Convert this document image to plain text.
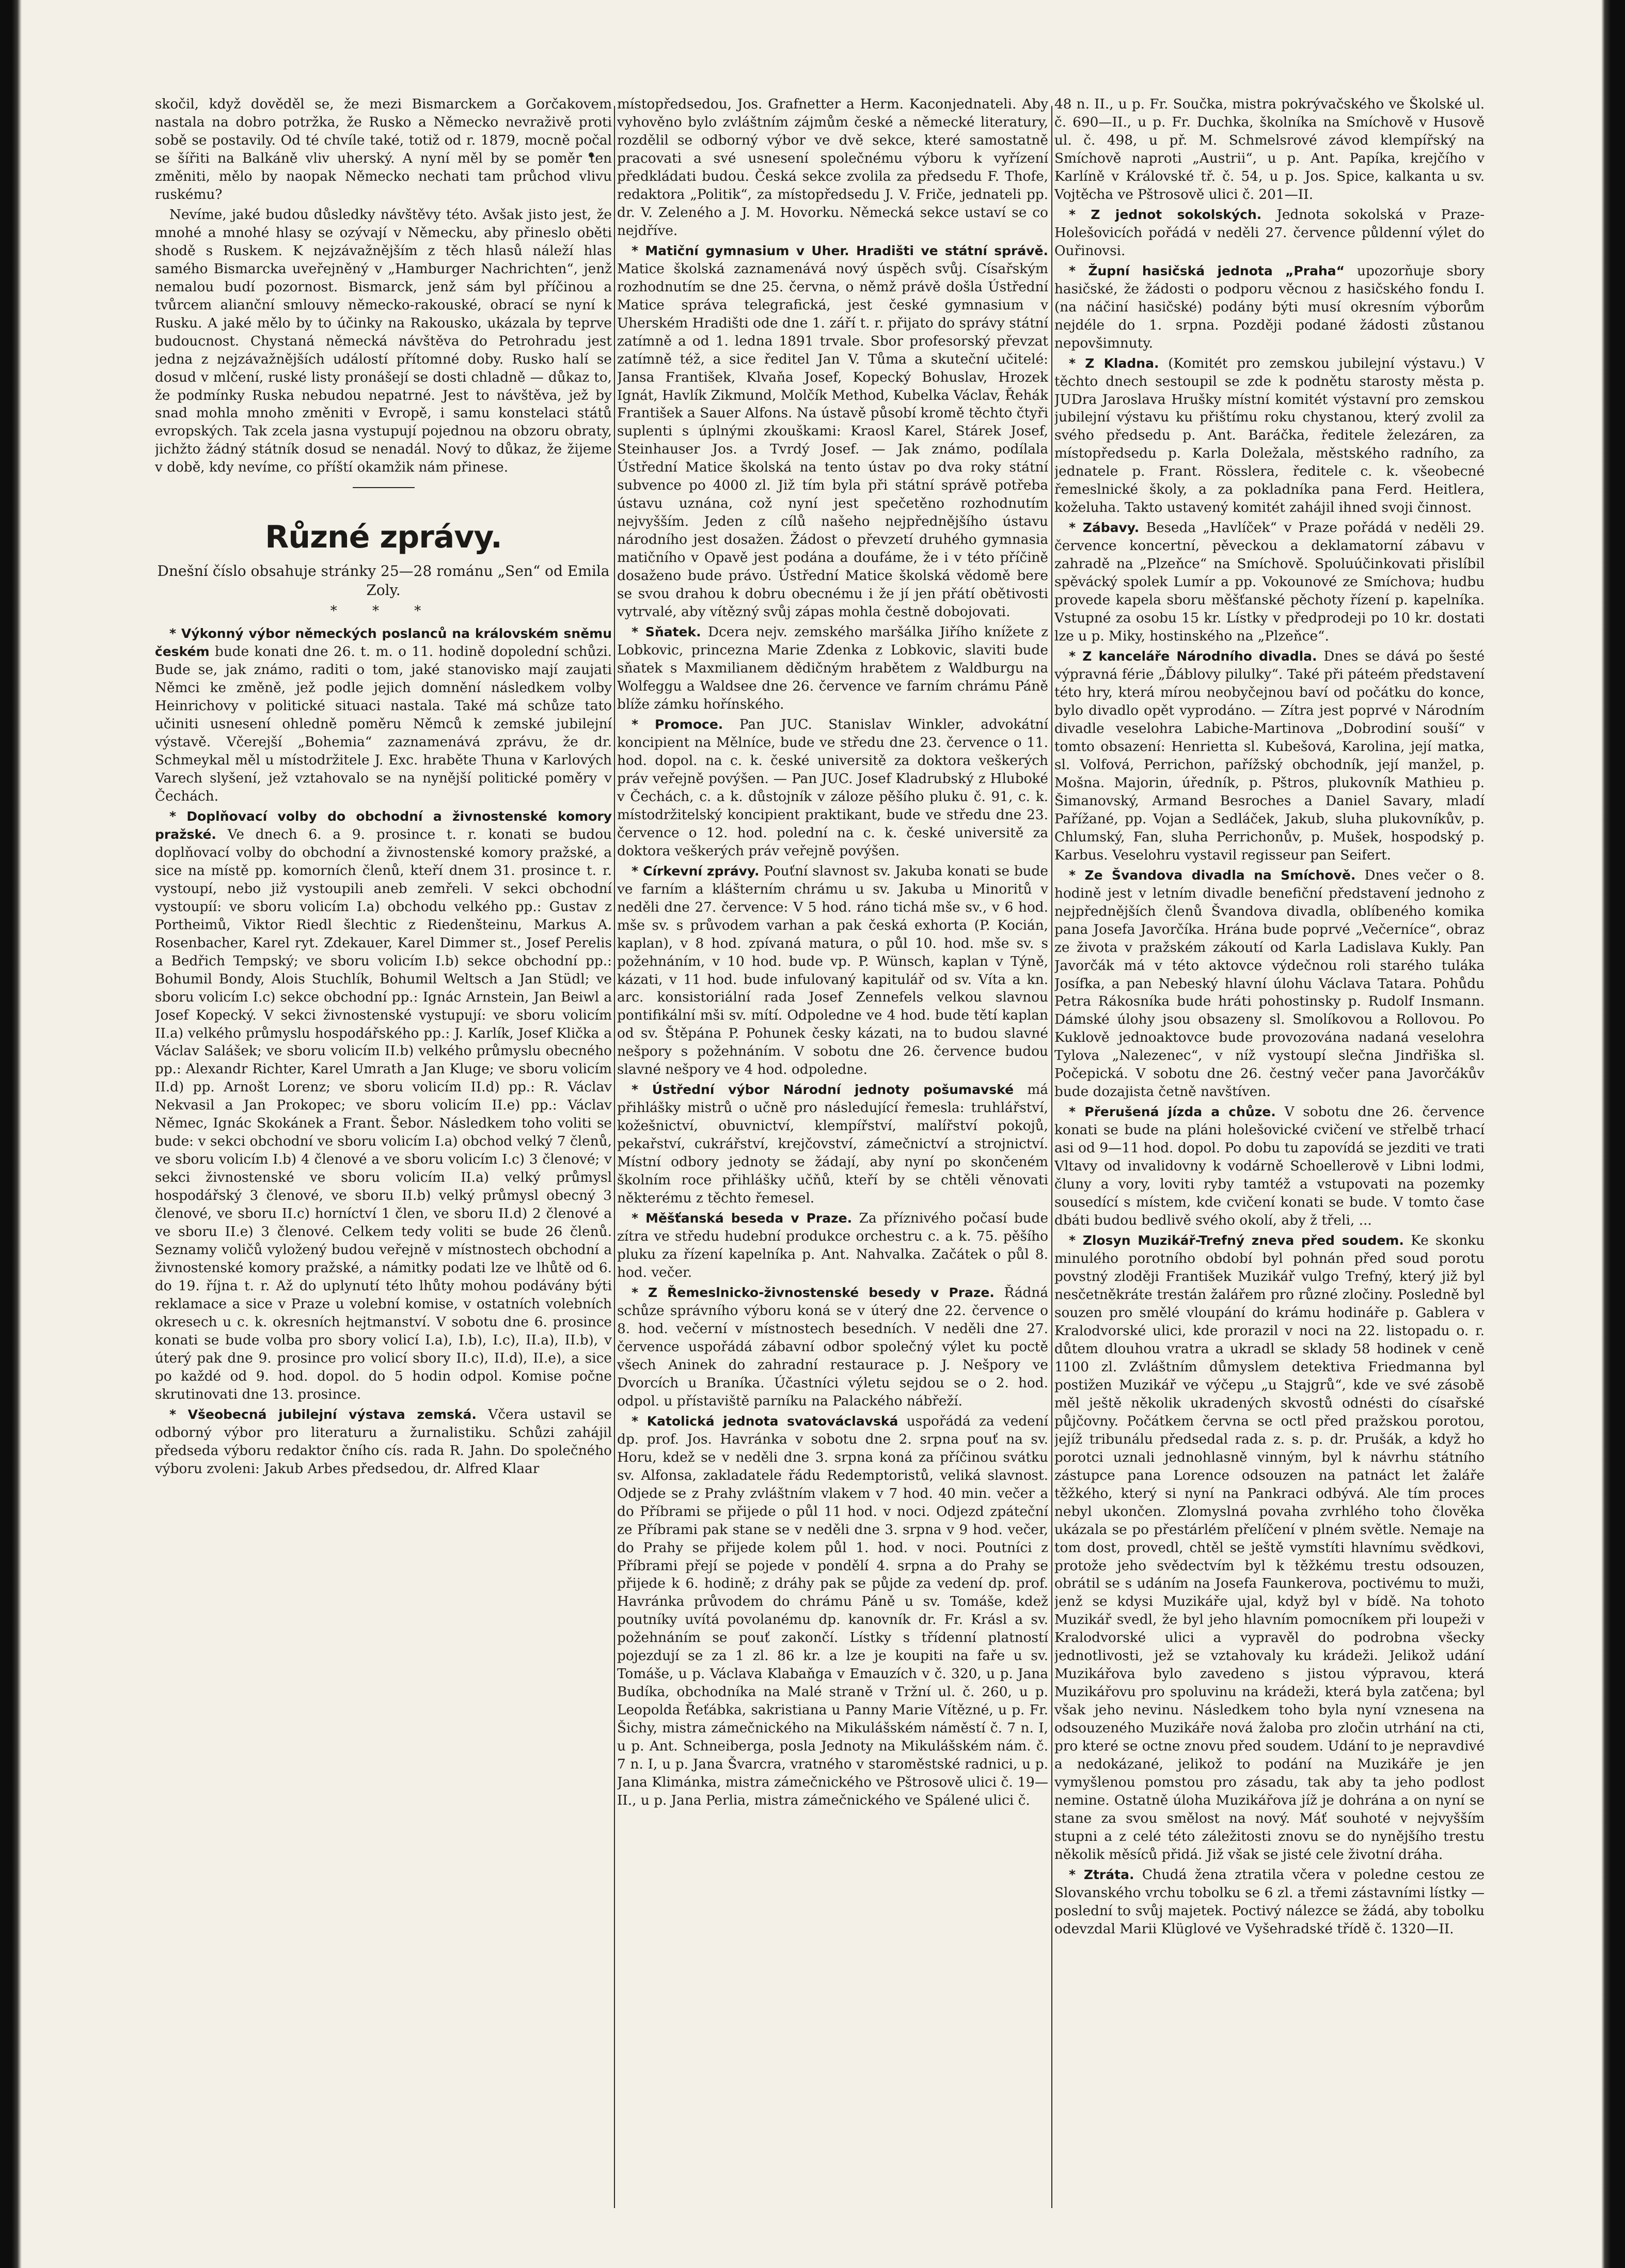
skočil, když dověděl se, že mezi Bismarckem a Gorčakovem nastala na dobro potržka, že Rusko a Německo nevraživě proti sobě se postavily. Od té chvíle také, totiž od r. 1879, mocně počal se šířiti na Balkáně vliv uherský. A nyní měl by se poměr ten změniti, mělo by naopak Německo nechati tam průchod vlivu ruskému?

Nevíme, jaké budou důsledky návštěvy této. Avšak jisto jest, že mnohé a mnohé hlasy se ozývají v Německu, aby přineslo oběti shodě s Ruskem. K nejzávažnějším z těch hlasů náleží hlas samého Bismarcka uveřejněný v „Hamburger Nachrichten“, jenž nemalou budí pozornost. Bismarck, jenž sám byl příčinou a tvůrcem alianční smlouvy německo-rakouské, obrací se nyní k Rusku. A jaké mělo by to účinky na Rakousko, ukázala by teprve budoucnost. Chystaná německá návštěva do Petrohradu jest jedna z nejzávažnějších událostí přítomné doby. Rusko halí se dosud v mlčení, ruské listy pronášejí se dosti chladně — důkaz to, že podmínky Ruska nebudou nepatrné. Jest to návštěva, jež by snad mohla mnoho změniti v Evropě, i samu konstelaci států evropských. Tak zcela jasna vystupují pojednou na obzoru obraty, jichžto žádný státník dosud se nenadál. Nový to důkaz, že žijeme v době, kdy nevíme, co příští okamžik nám přinese.

Různé zprávy.

Dnešní číslo obsahuje stránky 25—28 románu „Sen“ od Emila Zoly.

* * *

* Výkonný výbor německých poslanců na královském sněmu českém bude konati dne 26. t. m. o 11. hodině dopolední schůzi. Bude se, jak známo, raditi o tom, jaké stanovisko mají zaujati Němci ke změně, jež podle jejich domnění následkem volby Heinrichovy v politické situaci nastala. Také má schůze tato učiniti usnesení ohledně poměru Němců k zemské jubilejní výstavě. Včerejší „Bohemia“ zaznamenává zprávu, že dr. Schmeykal měl u místodržitele J. Exc. hraběte Thuna v Karlových Varech slyšení, jež vztahovalo se na nynější politické poměry v Čechách.

* Doplňovací volby do obchodní a živnostenské komory pražské. Ve dnech 6. a 9. prosince t. r. konati se budou doplňovací volby do obchodní a živnostenské komory pražské, a sice na místě pp. komorních členů, kteří dnem 31. prosince t. r. vystoupí, nebo již vystoupili aneb zemřeli. V sekci obchodní vystoupíí: ve sboru volicím I.a) obchodu velkého pp.: Gustav z Portheimů, Viktor Riedl šlechtic z Riedenšteinu, Markus A. Rosenbacher, Karel ryt. Zdekauer, Karel Dimmer st., Josef Perelis a Bedřich Tempský; ve sboru volicím I.b) sekce obchodní pp.: Bohumil Bondy, Alois Stuchlík, Bohumil Weltsch a Jan Stüdl; ve sboru volicím I.c) sekce obchodní pp.: Ignác Arnstein, Jan Beiwl a Josef Kopecký. V sekci živnostenské vystupují: ve sboru volicím II.a) velkého průmyslu hospodářského pp.: J. Karlík, Josef Klička a Václav Salášek; ve sboru volicím II.b) velkého průmyslu obecného pp.: Alexandr Richter, Karel Umrath a Jan Kluge; ve sboru volicím II.d) pp. Arnošt Lorenz; ve sboru volicím II.d) pp.: R. Václav Nekvasil a Jan Prokopec; ve sboru volicím II.e) pp.: Václav Němec, Ignác Skokánek a Frant. Šebor. Následkem toho voliti se bude: v sekci obchodní ve sboru volicím I.a) obchod velký 7 členů, ve sboru volicím I.b) 4 členové a ve sboru volicím I.c) 3 členové; v sekci živnostenské ve sboru volicím II.a) velký průmysl hospodářský 3 členové, ve sboru II.b) velký průmysl obecný 3 členové, ve sboru II.c) horníctví 1 člen, ve sboru II.d) 2 členové a ve sboru II.e) 3 členové. Celkem tedy voliti se bude 26 členů. Seznamy voličů vyložený budou veřejně v místnostech obchodní a živnostenské komory pražské, a námitky podati lze ve lhůtě od 6. do 19. října t. r. Až do uplynutí této lhůty mohou podávány býti reklamace a sice v Praze u volební komise, v ostatních volebních okresech u c. k. okresních hejtmanství. V sobotu dne 6. prosince konati se bude volba pro sbory volicí I.a), I.b), I.c), II.a), II.b), v úterý pak dne 9. prosince pro volicí sbory II.c), II.d), II.e), a sice po každé od 9. hod. dopol. do 5 hodin odpol. Komise počne skrutinovati dne 13. prosince.

* Všeobecná jubilejní výstava zemská. Včera ustavil se odborný výbor pro literaturu a žurnalistiku. Schůzi zahájil předseda výboru redaktor čního cís. rada R. Jahn. Do společného výboru zvoleni: Jakub Arbes předsedou, dr. Alfred Klaar

místopředsedou, Jos. Grafnetter a Herm. Kaconjednateli. Aby vyhověno bylo zvláštním zájmům české a německé literatury, rozdělil se odborný výbor ve dvě sekce, které samostatně pracovati a své usnesení společnému výboru k vyřízení předkládati budou. Česká sekce zvolila za předsedu F. Thofe, redaktora „Politik“, za místopředsedu J. V. Friče, jednateli pp. dr. V. Zeleného a J. M. Hovorku. Německá sekce ustaví se co nejdříve.

* Matiční gymnasium v Uher. Hradišti ve státní správě. Matice školská zaznamenává nový úspěch svůj. Císařským rozhodnutím se dne 25. června, o němž právě došla Ústřední Matice správa telegrafická, jest české gymnasium v Uherském Hradišti ode dne 1. září t. r. přijato do správy státní zatímně a od 1. ledna 1891 trvale. Sbor profesorský převzat zatímně též, a sice ředitel Jan V. Tůma a skuteční učitelé: Jansa František, Klvaňa Josef, Kopecký Bohuslav, Hrozek Ignát, Havlík Zikmund, Molčík Method, Kubelka Václav, Řehák František a Sauer Alfons. Na ústavě působí kromě těchto čtyři suplenti s úplnými zkouškami: Kraosl Karel, Stárek Josef, Steinhauser Jos. a Tvrdý Josef. — Jak známo, podílala Ústřední Matice školská na tento ústav po dva roky státní subvence po 4000 zl. Již tím byla při státní správě potřeba ústavu uznána, což nyní jest spečetěno rozhodnutím nejvyšším. Jeden z cílů našeho nejpřednějšího ústavu národního jest dosažen. Žádost o převzetí druhého gymnasia matičního v Opavě jest podána a doufáme, že i v této příčině dosaženo bude právo. Ústřední Matice školská vědomě bere se svou drahou k dobru obecnému i že jí jen přátí obětivosti vytrvalé, aby vítězný svůj zápas mohla čestně dobojovati.

* Sňatek. Dcera nejv. zemského maršálka Jiřího knížete z Lobkovic, princezna Marie Zdenka z Lobkovic, slaviti bude sňatek s Maxmilianem dědičným hrabětem z Waldburgu na Wolfeggu a Waldsee dne 26. července ve farním chrámu Páně blíže zámku hořínského.

* Promoce. Pan JUC. Stanislav Winkler, advokátní koncipient na Mělníce, bude ve středu dne 23. července o 11. hod. dopol. na c. k. české universitě za doktora veškerých práv veřejně povýšen. — Pan JUC. Josef Kladrubský z Hluboké v Čechách, c. a k. důstojník v záloze pěšího pluku č. 91, c. k. místodržitelský koncipient praktikant, bude ve středu dne 23. července o 12. hod. polední na c. k. české universitě za doktora veškerých práv veřejně povýšen.

* Církevní zprávy. Pouťní slavnost sv. Jakuba konati se bude ve farním a klášterním chrámu u sv. Jakuba u Minoritů v neděli dne 27. července: V 5 hod. ráno tichá mše sv., v 6 hod. mše sv. s průvodem varhan a pak česká exhorta (P. Kocián, kaplan), v 8 hod. zpívaná matura, o půl 10. hod. mše sv. s požehnáním, v 10 hod. bude vp. P. Wünsch, kaplan v Týně, kázati, v 11 hod. bude infulovaný kapitulář od sv. Víta a kn. arc. konsistoriální rada Josef Zennefels velkou slavnou pontifikální mši sv. mítí. Odpoledne ve 4 hod. bude tětí kaplan od sv. Štěpána P. Pohunek česky kázati, na to budou slavné nešpory s požehnáním. V sobotu dne 26. července budou slavné nešpory ve 4 hod. odpoledne.

* Ústřední výbor Národní jednoty pošumavské má přihlášky mistrů o učně pro následující řemesla: truhlářství, kožešnictví, obuvnictví, klempířství, malířství pokojů, pekařství, cukrářství, krejčovství, zámečnictví a strojnictví. Místní odbory jednoty se žádají, aby nyní po skončeném školním roce přihlášky učňů, kteří by se chtěli věnovati některému z těchto řemesel.

* Měšťanská beseda v Praze. Za příznivého počasí bude zítra ve středu hudební produkce orchestru c. a k. 75. pěšího pluku za řízení kapelníka p. Ant. Nahvalka. Začátek o půl 8. hod. večer.

* Z Řemeslnicko-živnostenské besedy v Praze. Řádná schůze správního výboru koná se v úterý dne 22. července o 8. hod. večerní v místnostech besedních. V neděli dne 27. července uspořádá zábavní odbor společný výlet ku poctě všech Aninek do zahradní restaurace p. J. Nešpory ve Dvorcích u Braníka. Účastníci výletu sejdou se o 2. hod. odpol. u přístaviště parníku na Palackého nábřeží.

* Katolická jednota svatováclavská uspořádá za vedení dp. prof. Jos. Havránka v sobotu dne 2. srpna pouť na sv. Horu, kdež se v neděli dne 3. srpna koná za příčinou svátku sv. Alfonsa, zakladatele řádu Redemptoristů, veliká slavnost. Odjede se z Prahy zvláštním vlakem v 7 hod. 40 min. večer a do Příbrami se přijede o půl 11 hod. v noci. Odjezd zpáteční ze Příbrami pak stane se v neděli dne 3. srpna v 9 hod. večer, do Prahy se přijede kolem půl 1. hod. v noci. Poutníci z Příbrami přejí se pojede v pondělí 4. srpna a do Prahy se přijede k 6. hodině; z dráhy pak se půjde za vedení dp. prof. Havránka průvodem do chrámu Páně u sv. Tomáše, kdež poutníky uvítá povolanému dp. kanovník dr. Fr. Krásl a sv. požehnáním se pouť zakončí. Lístky s třídenní platností pojezdují se za 1 zl. 86 kr. a lze je koupiti na faře u sv. Tomáše, u p. Václava Klabaňga v Emauzích v č. 320, u p. Jana Budíka, obchodníka na Malé straně v Tržní ul. č. 260, u p. Leopolda Řeťábka, sakristiana u Panny Marie Vítězné, u p. Fr. Šichy, mistra zámečnického na Mikulášském náměstí č. 7 n. I, u p. Ant. Schneiberga, posla Jednoty na Mikulášském nám. č. 7 n. I, u p. Jana Švarcra, vratného v staroměstské radnici, u p. Jana Klimánka, mistra zámečnického ve Pštrosově ulici č. 19—II., u p. Jana Perlia, mistra zámečnického ve Spálené ulici č.

48 n. II., u p. Fr. Součka, mistra pokrývačského ve Školské ul. č. 690—II., u p. Fr. Duchka, školníka na Smíchově v Husově ul. č. 498, u př. M. Schmelsrové závod klempířský na Smíchově naproti „Austrii“, u p. Ant. Papíka, krejčího v Karlíně v Královské tř. č. 54, u p. Jos. Spice, kalkanta u sv. Vojtěcha ve Pštrosově ulici č. 201—II.

* Z jednot sokolských. Jednota sokolská v Praze-Holešovicích pořádá v neděli 27. července půldenní výlet do Ouřinovsi.

* Župní hasičská jednota „Praha“ upozorňuje sbory hasičské, že žádosti o podporu věcnou z hasičského fondu I. (na náčiní hasičské) podány býti musí okresním výborům nejdéle do 1. srpna. Později podané žádosti zůstanou nepovšimnuty.

* Z Kladna. (Komitét pro zemskou jubilejní výstavu.) V těchto dnech sestoupil se zde k podnětu starosty města p. JUDra Jaroslava Hrušky místní komitét výstavní pro zemskou jubilejní výstavu ku přištímu roku chystanou, který zvolil za svého předsedu p. Ant. Baráčka, ředitele železáren, za místopředsedu p. Karla Doležala, městského radního, za jednatele p. Frant. Rösslera, ředitele c. k. všeobecné řemeslnické školy, a za pokladníka pana Ferd. Heitlera, koželuha. Takto ustavený komitét zahájil ihned svoji činnost.

* Zábavy. Beseda „Havlíček“ v Praze pořádá v neděli 29. července koncertní, pěveckou a deklamatorní zábavu v zahradě na „Plzeňce“ na Smíchově. Spoluúčinkovati přislíbil spěvácký spolek Lumír a pp. Vokounové ze Smíchova; hudbu provede kapela sboru měšťanské pěchoty řízení p. kapelníka. Vstupné za osobu 15 kr. Lístky v předprodeji po 10 kr. dostati lze u p. Miky, hostinského na „Plzeňce“.

* Z kanceláře Národního divadla. Dnes se dává po šesté výpravná férie „Ďáblovy pilulky“. Také při páteém představení této hry, která mírou neobyčejnou baví od počátku do konce, bylo divadlo opět vyprodáno. — Zítra jest poprvé v Národním divadle veselohra Labiche-Martinova „Dobrodiní souší“ v tomto obsazení: Henrietta sl. Kubešová, Karolina, její matka, sl. Volfová, Perrichon, pařížský obchodník, její manžel, p. Mošna. Majorin, úředník, p. Pštros, plukovník Mathieu p. Šimanovský, Armand Besroches a Daniel Savary, mladí Pařížané, pp. Vojan a Sedláček, Jakub, sluha plukovníkův, p. Chlumský, Fan, sluha Perrichonův, p. Mušek, hospodský p. Karbus. Veselohru vystavil regisseur pan Seifert.

* Ze Švandova divadla na Smíchově. Dnes večer o 8. hodině jest v letním divadle benefiční představení jednoho z nejpřednějších členů Švandova divadla, oblíbeného komika pana Josefa Javorčíka. Hrána bude poprvé „Večerníce“, obraz ze života v pražském zákoutí od Karla Ladislava Kukly. Pan Javorčák má v této aktovce výdečnou roli starého tuláka Josífka, a pan Nebeský hlavní úlohu Václava Tatara. Pohůdu Petra Rákosníka bude hráti pohostinsky p. Rudolf Insmann. Dámské úlohy jsou obsazeny sl. Smolíkovou a Rollovou. Po Kuklově jednoaktovce bude provozována nadaná veselohra Tylova „Nalezenec“, v níž vystoupí slečna Jindřiška sl. Počepická. V sobotu dne 26. čestný večer pana Javorčákův bude dozajista četně navštíven.

* Přerušená jízda a chůze. V sobotu dne 26. července konati se bude na pláni holešovické cvičení ve střelbě trhací asi od 9—11 hod. dopol. Po dobu tu zapovídá se jezditi ve trati Vltavy od invalidovny k vodárně Schoellerově v Libni lodmi, čluny a vory, loviti ryby tamtéž a vstupovati na pozemky sousedící s místem, kde cvičení konati se bude. V tomto čase dbáti budou bedlivě svého okolí, aby ž třeli, ...

* Zlosyn Muzikář-Trefný zneva před soudem. Ke skonku minulého porotního období byl pohnán před soud porotu povstný zloději František Muzikář vulgo Trefný, který již byl nesčetněkráte trestán žalářem pro různé zločiny. Posledně byl souzen pro smělé vloupání do krámu hodináře p. Gablera v Kralodvorské ulici, kde prorazil v noci na 22. listopadu o. r. důtem dlouhou vratra a ukradl se sklady 58 hodinek v ceně 1100 zl. Zvláštním důmyslem detektiva Friedmanna byl postižen Muzikář ve výčepu „u Stajgrů“, kde ve své zásobě měl ještě několik ukradených skvostů odnésti do císařské půjčovny. Počátkem června se octl před pražskou porotou, jejíž tribunálu předsedal rada z. s. p. dr. Prušák, a když ho porotci uznali jednohlasně vinným, byl k návrhu státního zástupce pana Lorence odsouzen na patnáct let žaláře těžkého, který si nyní na Pankraci odbývá. Ale tím proces nebyl ukončen. Zlomyslná povaha zvrhlého toho člověka ukázala se po přestárlém přelíčení v plném světle. Nemaje na tom dost, provedl, chtěl se ještě vymstíti hlavnímu svědkovi, protože jeho svědectvím byl k těžkému trestu odsouzen, obrátil se s udáním na Josefa Faunkerova, poctivému to muži, jenž se kdysi Muzikáře ujal, když byl v bídě. Na tohoto Muzikář svedl, že byl jeho hlavním pomocníkem při loupeži v Kralodvorské ulici a vypravěl do podrobna všecky jednotlivosti, jež se vztahovaly ku krádeži. Jelikož udání Muzikářova bylo zavedeno s jistou výpravou, která Muzikářovu pro spoluvinu na krádeži, která byla zatčena; byl však jeho nevinu. Následkem toho byla nyní vznesena na odsouzeného Muzikáře nová žaloba pro zločin utrhání na cti, pro které se octne znovu před soudem. Udání to je nepravdivé a nedokázané, jelikož to podání na Muzikáře je jen vymyšlenou pomstou pro zásadu, tak aby ta jeho podlost nemine. Ostatně úloha Muzikářova jíž je dohrána a on nyní se stane za svou smělost na nový. Máť souhoté v nejvyšším stupni a z celé této záležitosti znovu se do nynějšího trestu několik měsíců přidá. Již však se jisté cele životní dráha.

* Ztráta. Chudá žena ztratila včera v poledne cestou ze Slovanského vrchu tobolku se 6 zl. a třemi zástavními lístky — poslední to svůj majetek. Poctivý nálezce se žádá, aby tobolku odevzdal Marii Klüglové ve Vyšehradské třídě č. 1320—II.
